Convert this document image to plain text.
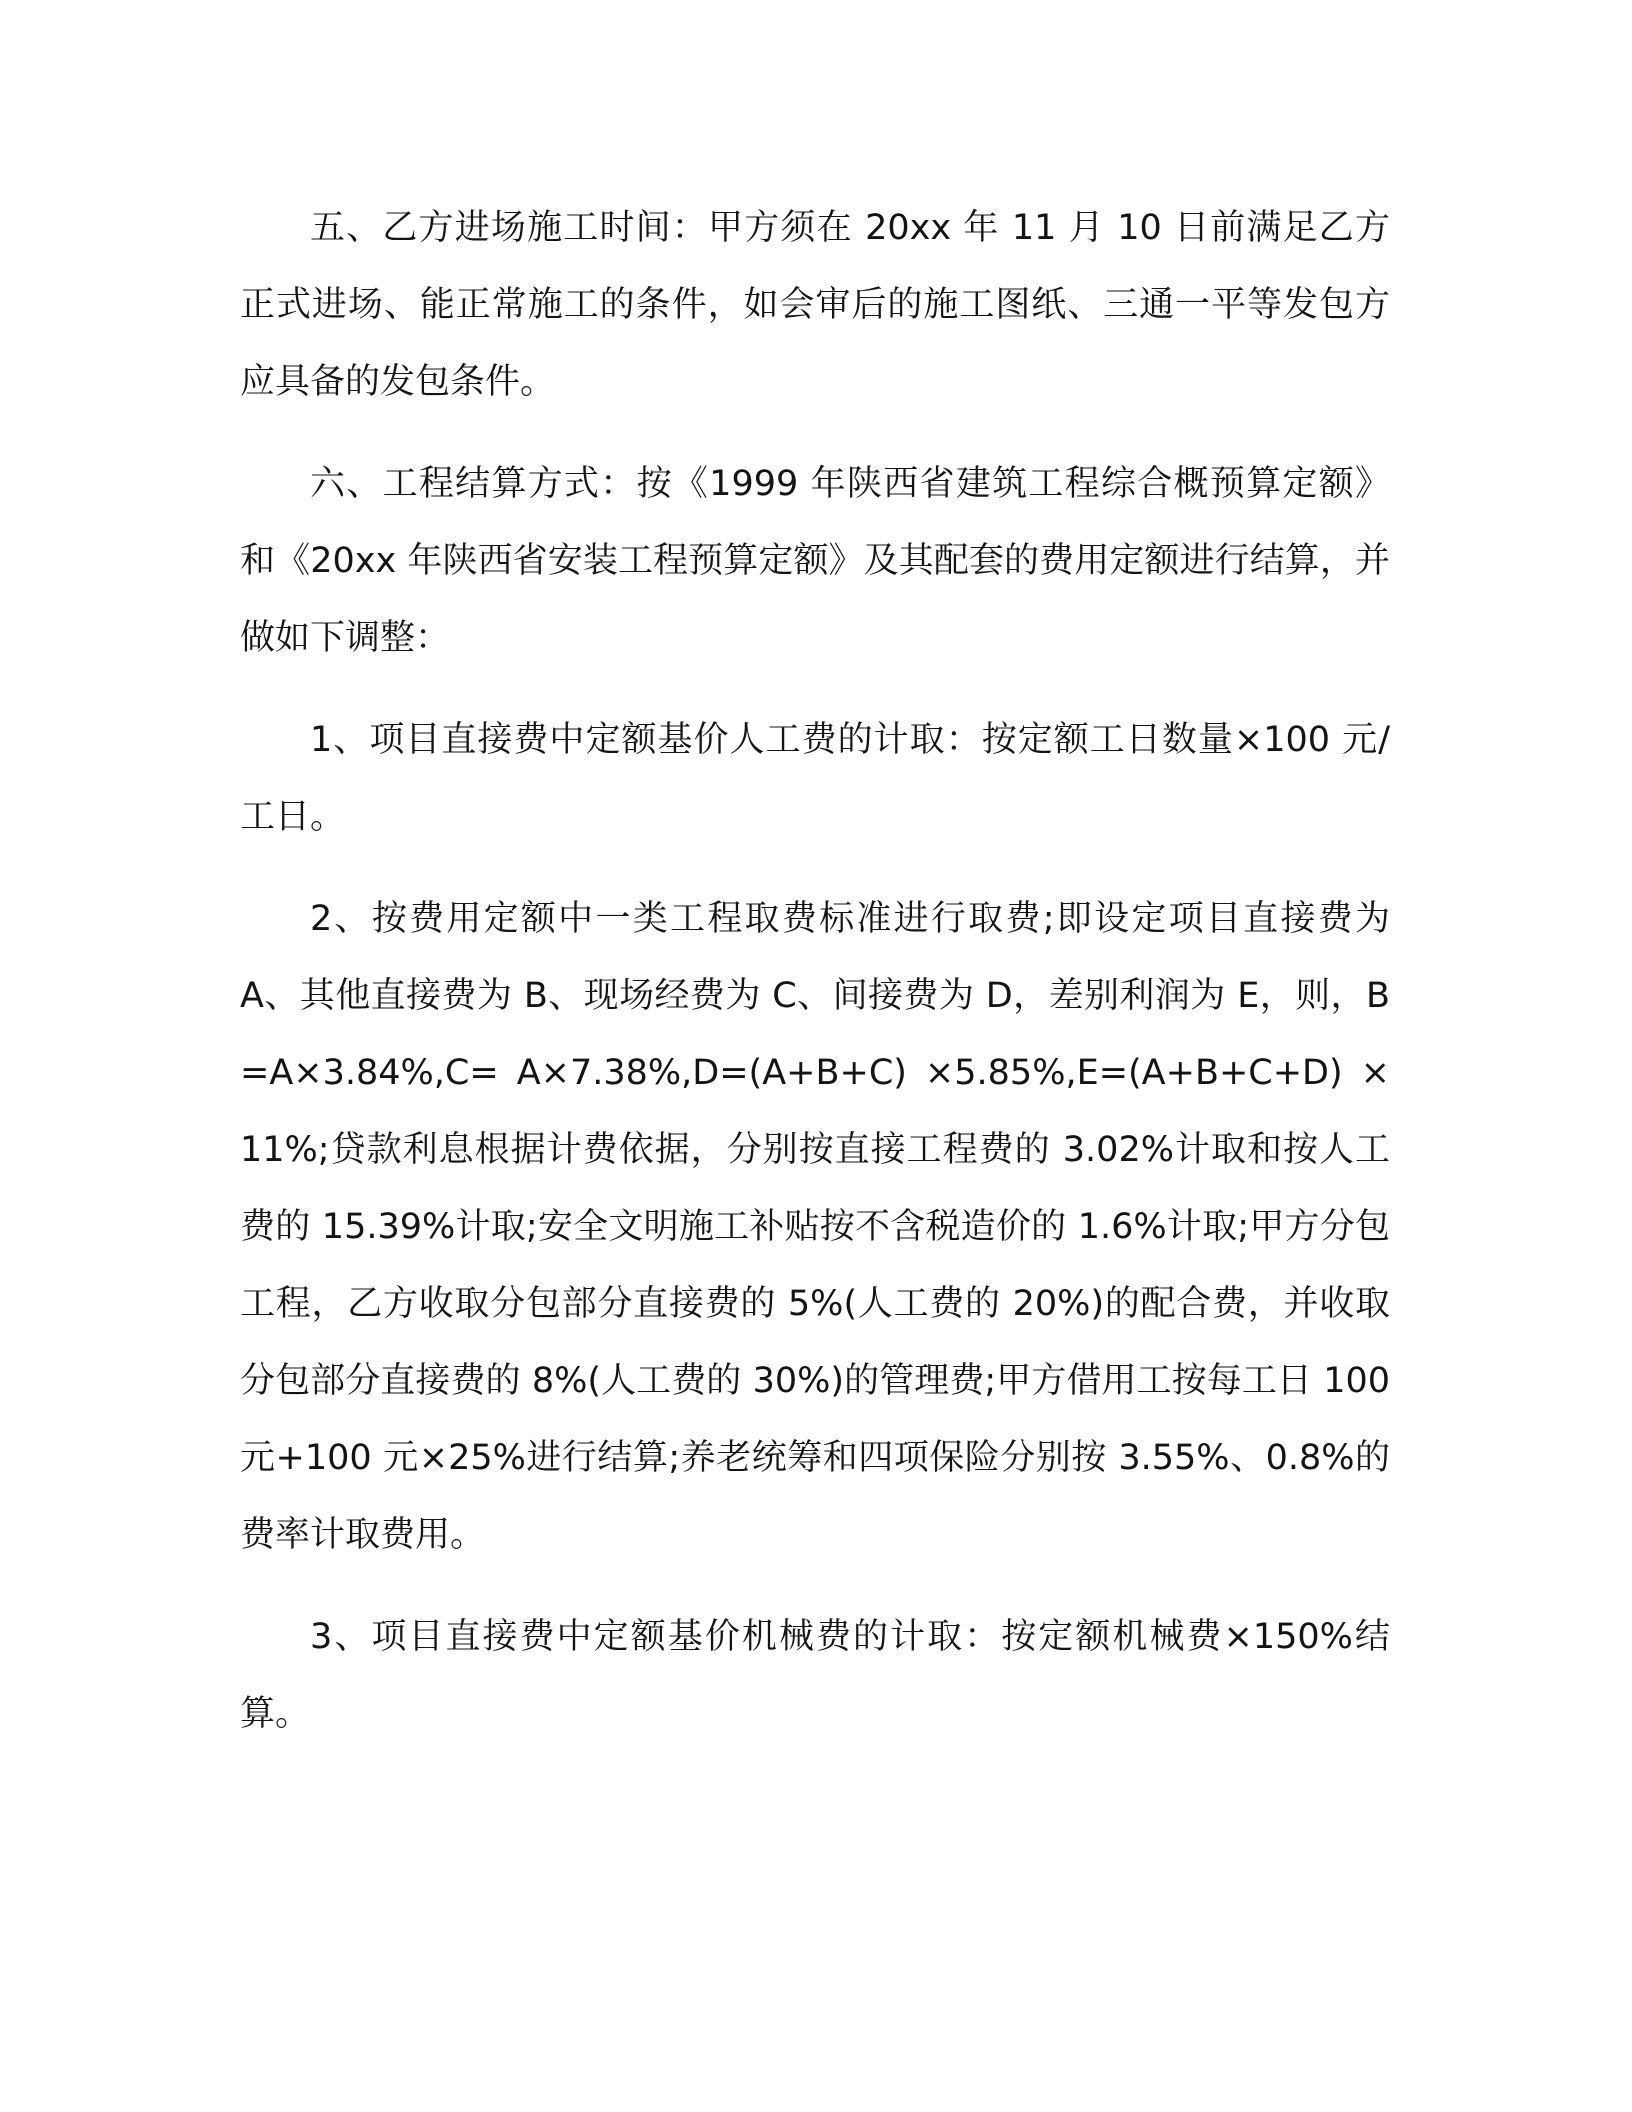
五、乙方进场施工时间：甲方须在 20xx 年 11 月 10 日前满足乙方正式进场、能正常施工的条件，如会审后的施工图纸、三通一平等发包方应具备的发包条件。

六、工程结算方式：按《1999 年陕西省建筑工程综合概预算定额》和《20xx 年陕西省安装工程预算定额》及其配套的费用定额进行结算，并做如下调整：

1、项目直接费中定额基价人工费的计取：按定额工日数量×100 元/工日。

2、按费用定额中一类工程取费标准进行取费;即设定项目直接费为 A、其他直接费为 B、现场经费为 C、间接费为 D，差别利润为 E，则，B=A×3.84%,C= A×7.38%,D=(A+B+C) ×5.85%,E=(A+B+C+D) ×11%;贷款利息根据计费依据，分别按直接工程费的 3.02%计取和按人工费的 15.39%计取;安全文明施工补贴按不含税造价的 1.6%计取;甲方分包工程，乙方收取分包部分直接费的 5%(人工费的 20%)的配合费，并收取分包部分直接费的 8%(人工费的 30%)的管理费;甲方借用工按每工日 100 元+100 元×25%进行结算;养老统筹和四项保险分别按 3.55%、0.8%的费率计取费用。

3、项目直接费中定额基价机械费的计取：按定额机械费×150%结算。
